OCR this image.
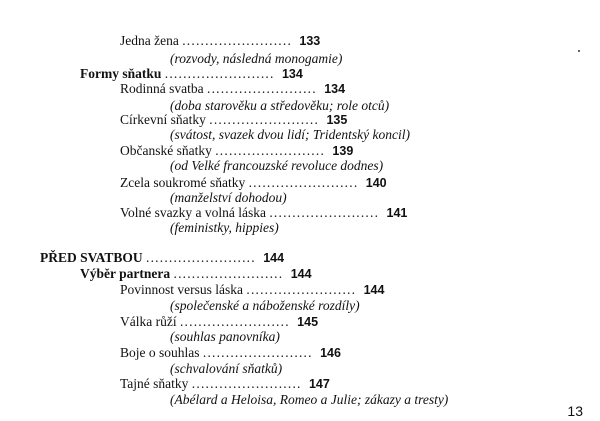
Jedna žena ........................ 133
(rozvody, následná monogamie)
Formy sňatku ........................ 134
Rodinná svatba ........................ 134
(doba starověku a středověku; role otců)
Církevní sňatky ........................ 135
(svátost, svazek dvou lidí; Tridentský koncil)
Občanské sňatky ........................ 139
(od Velké francouzské revoluce dodnes)
Zcela soukromé sňatky ........................ 140
(manželství dohodou)
Volné svazky a volná láska ........................ 141
(feministky, hippies)
PŘED SVATBOU ........................ 144
Výběr partnera ........................ 144
Povinnost versus láska ........................ 144
(společenské a náboženské rozdíly)
Válka růží ........................ 145
(souhlas panovníka)
Boje o souhlas ........................ 146
(schvalování sňatků)
Tajné sňatky ........................ 147
(Abélard a Heloisa, Romeo a Julie; zákazy a tresty)
13
